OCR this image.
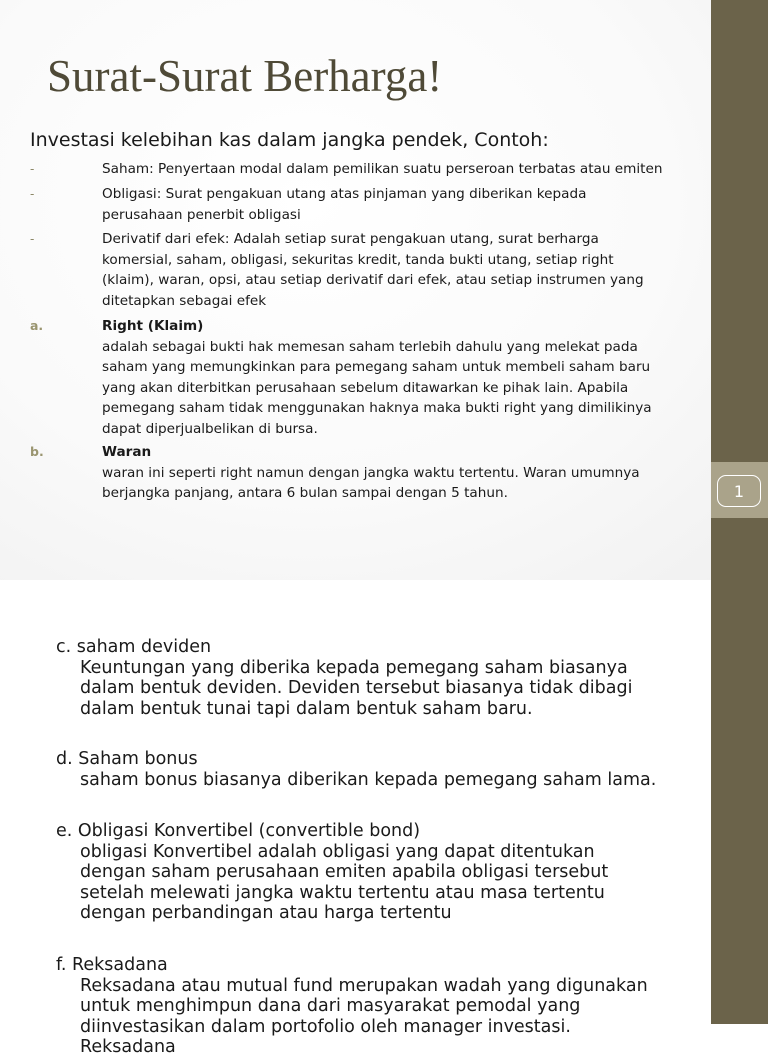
Surat-Surat Berharga!
Investasi kelebihan kas dalam jangka pendek, Contoh:
-	Saham: Penyertaan modal dalam pemilikan suatu perseroan terbatas atau emiten
-	Obligasi: Surat pengakuan utang atas pinjaman yang diberikan kepada perusahaan penerbit obligasi
-	Derivatif dari efek: Adalah setiap surat pengakuan utang, surat berharga komersial, saham, obligasi, sekuritas kredit, tanda bukti utang, setiap right (klaim), waran, opsi, atau setiap derivatif dari efek, atau setiap instrumen yang ditetapkan sebagai efek
a.	Right (Klaim)
adalah sebagai bukti hak memesan saham terlebih dahulu yang melekat pada saham yang memungkinkan para pemegang saham untuk membeli saham baru yang akan diterbitkan perusahaan sebelum ditawarkan ke pihak lain. Apabila pemegang saham tidak menggunakan haknya maka bukti right yang dimilikinya dapat diperjualbelikan di bursa.
b.	Waran
waran ini seperti right namun dengan jangka waktu tertentu. Waran umumnya berjangka panjang, antara 6 bulan sampai dengan 5 tahun.	1
c. saham deviden
Keuntungan yang diberika kepada pemegang saham biasanya dalam bentuk deviden. Deviden tersebut biasanya tidak dibagi dalam bentuk tunai tapi dalam bentuk saham baru.
d. Saham bonus
saham bonus biasanya diberikan kepada pemegang saham lama.
e. Obligasi Konvertibel (convertible bond)
obligasi Konvertibel adalah obligasi yang dapat ditentukan dengan saham perusahaan emiten apabila obligasi tersebut setelah melewati jangka waktu tertentu atau masa tertentu dengan perbandingan atau harga tertentu
f. Reksadana
Reksadana atau mutual fund merupakan wadah yang digunakan untuk menghimpun dana dari masyarakat pemodal yang diinvestasikan dalam portofolio oleh manager investasi. Reksadana
